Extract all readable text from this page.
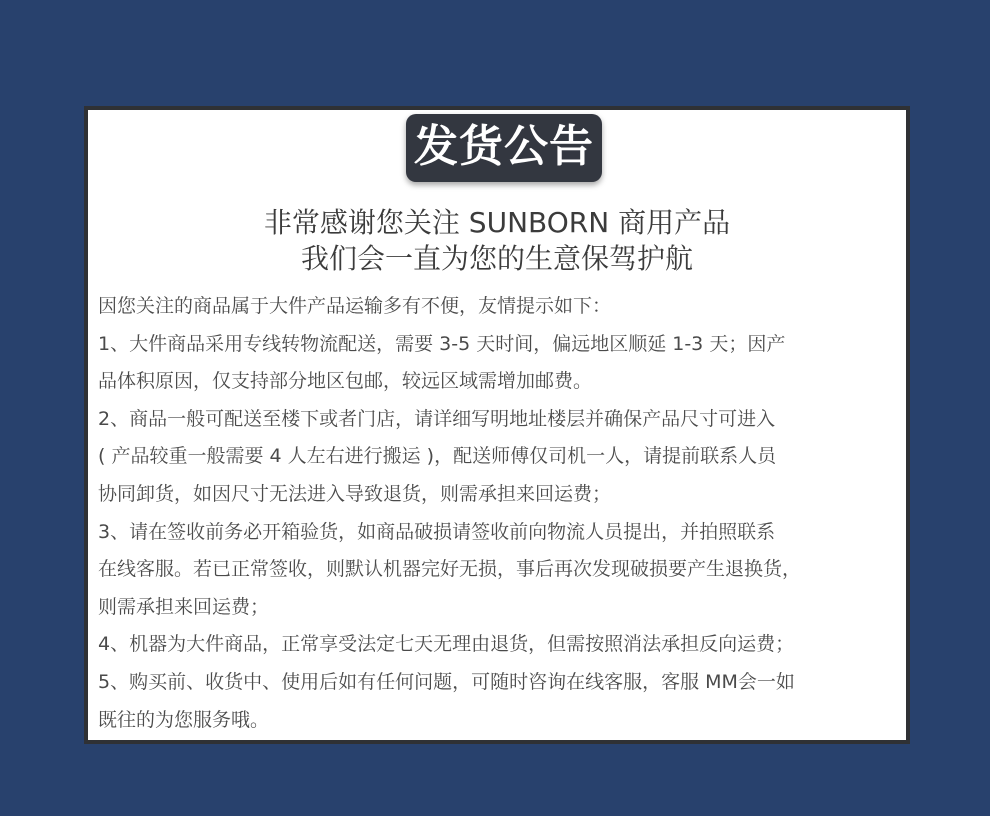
发货公告
非常感谢您关注 SUNBORN 商用产品
我们会一直为您的生意保驾护航
因您关注的商品属于大件产品运输多有不便，友情提示如下：
1、大件商品采用专线转物流配送，需要 3-5 天时间，偏远地区顺延 1-3 天；因产
品体积原因，仅支持部分地区包邮，较远区域需增加邮费。
2、商品一般可配送至楼下或者门店，请详细写明地址楼层并确保产品尺寸可进入
( 产品较重一般需要 4 人左右进行搬运 )，配送师傅仅司机一人，请提前联系人员
协同卸货，如因尺寸无法进入导致退货，则需承担来回运费；
3、请在签收前务必开箱验货，如商品破损请签收前向物流人员提出，并拍照联系
在线客服。若已正常签收，则默认机器完好无损，事后再次发现破损要产生退换货，
则需承担来回运费；
4、机器为大件商品，正常享受法定七天无理由退货，但需按照消法承担反向运费；
5、购买前、收货中、使用后如有任何问题，可随时咨询在线客服，客服 MM会一如
既往的为您服务哦。
